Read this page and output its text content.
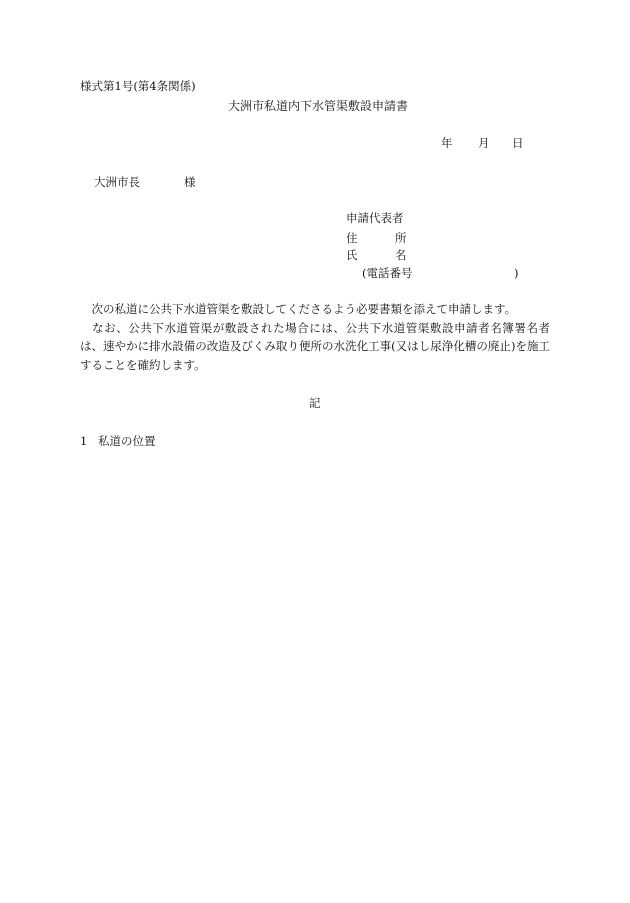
様式第1号(第4条関係)
大洲市私道内下水管渠敷設申請書
年 月 日
大洲市長	様
申請代表者
住	所
氏	名
(電話番号	)

　次の私道に公共下水道管渠を敷設してくださるよう必要書類を添えて申請します。

　なお、公共下水道管渠が敷設された場合には、公共下水道管渠敷設申請者名簿署名者は、速やかに排水設備の改造及びくみ取り便所の水洗化工事(又はし尿浄化槽の廃止)を施工することを確約します。

記
1 私道の位置
